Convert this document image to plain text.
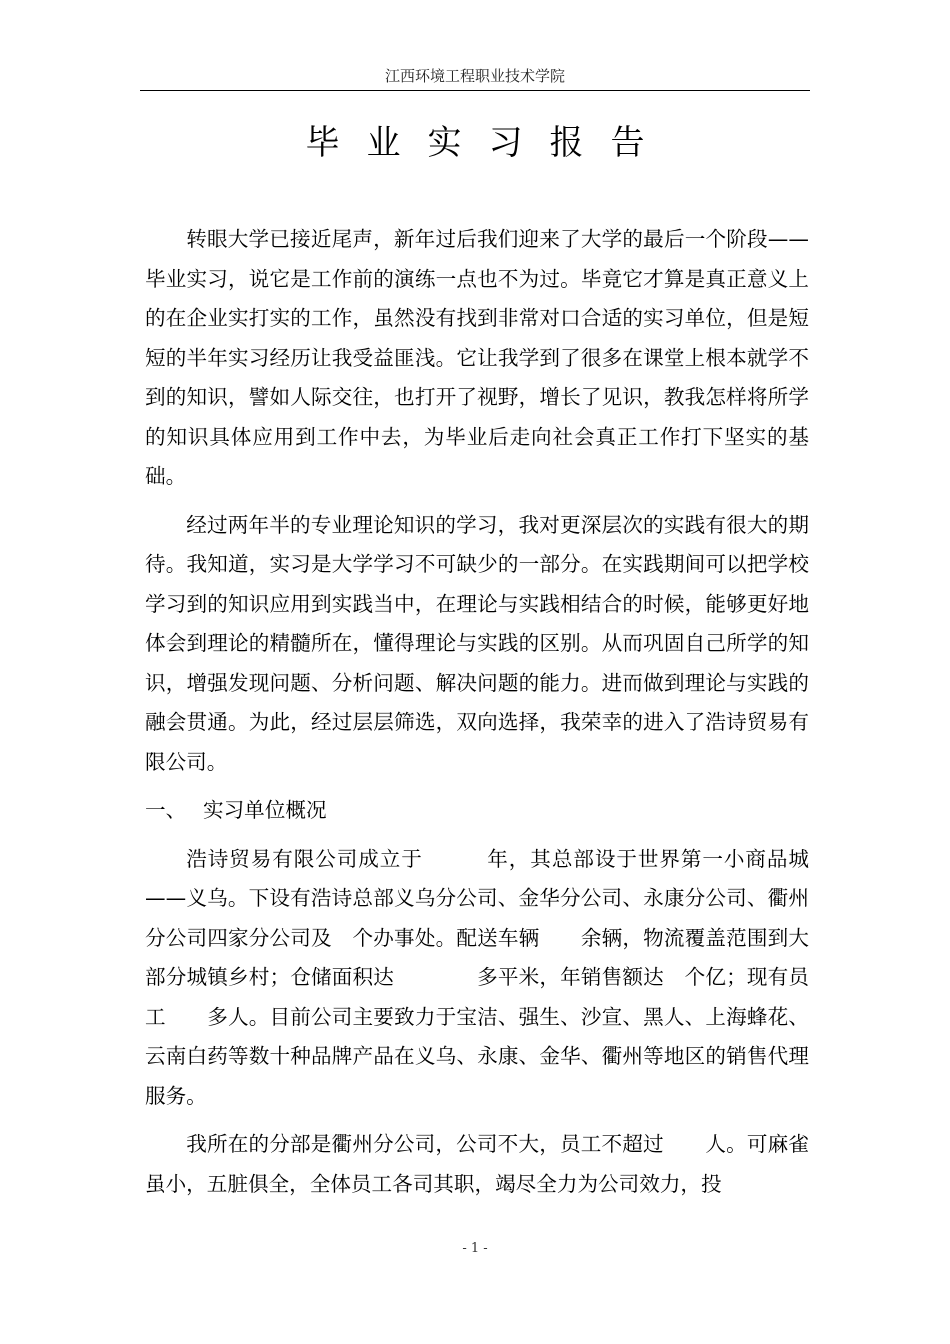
江西环境工程职业技术学院
毕业实习报告

转眼大学已接近尾声，新年过后我们迎来了大学的最后一个阶段——毕业实习，说它是工作前的演练一点也不为过。毕竟它才算是真正意义上的在企业实打实的工作，虽然没有找到非常对口合适的实习单位，但是短短的半年实习经历让我受益匪浅。它让我学到了很多在课堂上根本就学不到的知识，譬如人际交往，也打开了视野，增长了见识，教我怎样将所学的知识具体应用到工作中去，为毕业后走向社会真正工作打下坚实的基础。

经过两年半的专业理论知识的学习，我对更深层次的实践有很大的期待。我知道，实习是大学学习不可缺少的一部分。在实践期间可以把学校学习到的知识应用到实践当中，在理论与实践相结合的时候，能够更好地体会到理论的精髓所在，懂得理论与实践的区别。从而巩固自己所学的知识，增强发现问题、分析问题、解决问题的能力。进而做到理论与实践的融会贯通。为此，经过层层筛选，双向选择，我荣幸的进入了浩诗贸易有限公司。

一、 实习单位概况

浩诗贸易有限公司成立于　　　年，其总部设于世界第一小商品城——义乌。下设有浩诗总部义乌分公司、金华分公司、永康分公司、衢州分公司四家分公司及　个办事处。配送车辆　　余辆，物流覆盖范围到大部分城镇乡村；仓储面积达　　　　多平米，年销售额达　个亿；现有员工　　多人。目前公司主要致力于宝洁、强生、沙宣、黑人、上海蜂花、云南白药等数十种品牌产品在义乌、永康、金华、衢州等地区的销售代理服务。

我所在的分部是衢州分公司，公司不大，员工不超过　　人。可麻雀虽小，五脏俱全，全体员工各司其职，竭尽全力为公司效力，投

- 1 -
